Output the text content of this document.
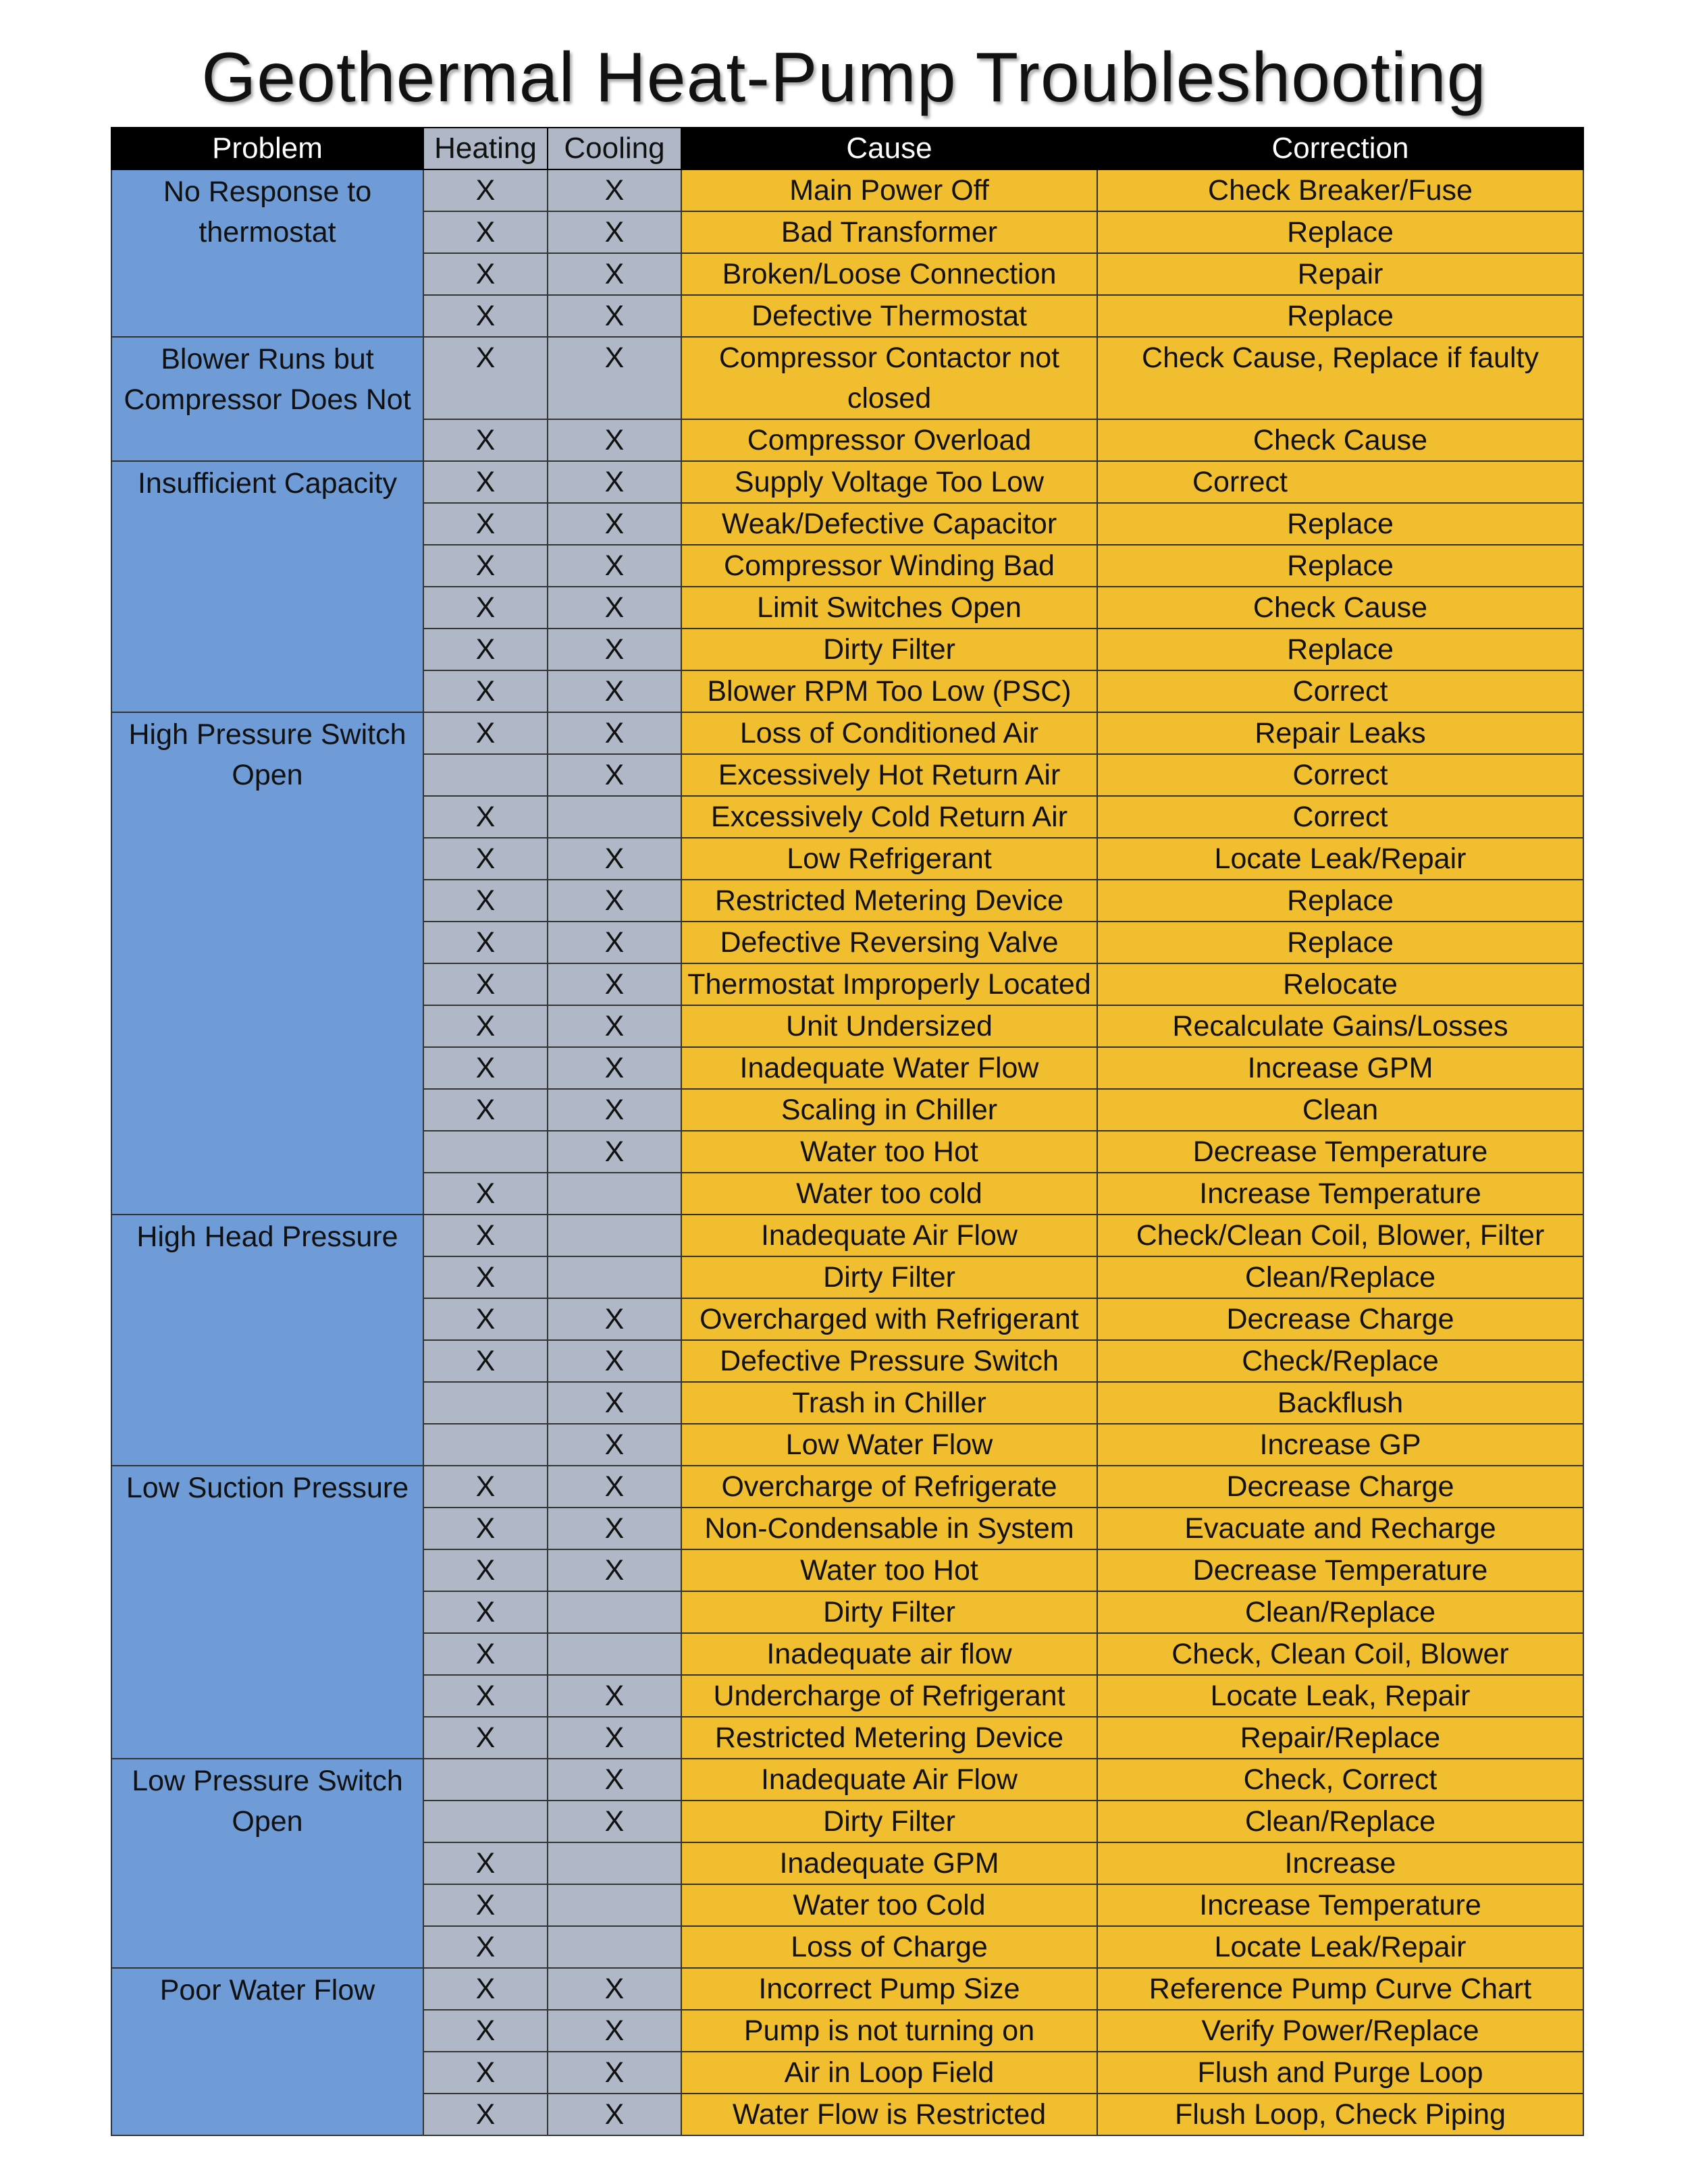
Geothermal Heat-Pump Troubleshooting
Problem	Heating	Cooling	Cause	Correction
No Response to thermostat	X	X	Main Power Off	Check Breaker/Fuse
	X	X	Bad Transformer	Replace
	X	X	Broken/Loose Connection	Repair
	X	X	Defective Thermostat	Replace
Blower Runs but Compressor Does Not	X	X	Compressor Contactor not closed	Check Cause, Replace if faulty
	X	X	Compressor Overload	Check Cause
Insufficient Capacity	X	X	Supply Voltage Too Low	Correct
	X	X	Weak/Defective Capacitor	Replace
	X	X	Compressor Winding Bad	Replace
	X	X	Limit Switches Open	Check Cause
	X	X	Dirty Filter	Replace
	X	X	Blower RPM Too Low (PSC)	Correct
High Pressure Switch Open	X	X	Loss of Conditioned Air	Repair Leaks
		X	Excessively Hot Return Air	Correct
	X		Excessively Cold Return Air	Correct
	X	X	Low Refrigerant	Locate Leak/Repair
	X	X	Restricted Metering Device	Replace
	X	X	Defective Reversing Valve	Replace
	X	X	Thermostat Improperly Located	Relocate
	X	X	Unit Undersized	Recalculate Gains/Losses
	X	X	Inadequate Water Flow	Increase GPM
	X	X	Scaling in Chiller	Clean
		X	Water too Hot	Decrease Temperature
	X		Water too cold	Increase Temperature
High Head Pressure	X		Inadequate Air Flow	Check/Clean Coil, Blower, Filter
	X		Dirty Filter	Clean/Replace
	X	X	Overcharged with Refrigerant	Decrease Charge
	X	X	Defective Pressure Switch	Check/Replace
		X	Trash in Chiller	Backflush
		X	Low Water Flow	Increase GP
Low Suction Pressure	X	X	Overcharge of Refrigerate	Decrease Charge
	X	X	Non-Condensable in System	Evacuate and Recharge
	X	X	Water too Hot	Decrease Temperature
	X		Dirty Filter	Clean/Replace
	X		Inadequate air flow	Check, Clean Coil, Blower
	X	X	Undercharge of Refrigerant	Locate Leak, Repair
	X	X	Restricted Metering Device	Repair/Replace
Low Pressure Switch Open		X	Inadequate Air Flow	Check, Correct
		X	Dirty Filter	Clean/Replace
	X		Inadequate GPM	Increase
	X		Water too Cold	Increase Temperature
	X		Loss of Charge	Locate Leak/Repair
Poor Water Flow	X	X	Incorrect Pump Size	Reference Pump Curve Chart
	X	X	Pump is not turning on	Verify Power/Replace
	X	X	Air in Loop Field	Flush and Purge Loop
	X	X	Water Flow is Restricted	Flush Loop, Check Piping
